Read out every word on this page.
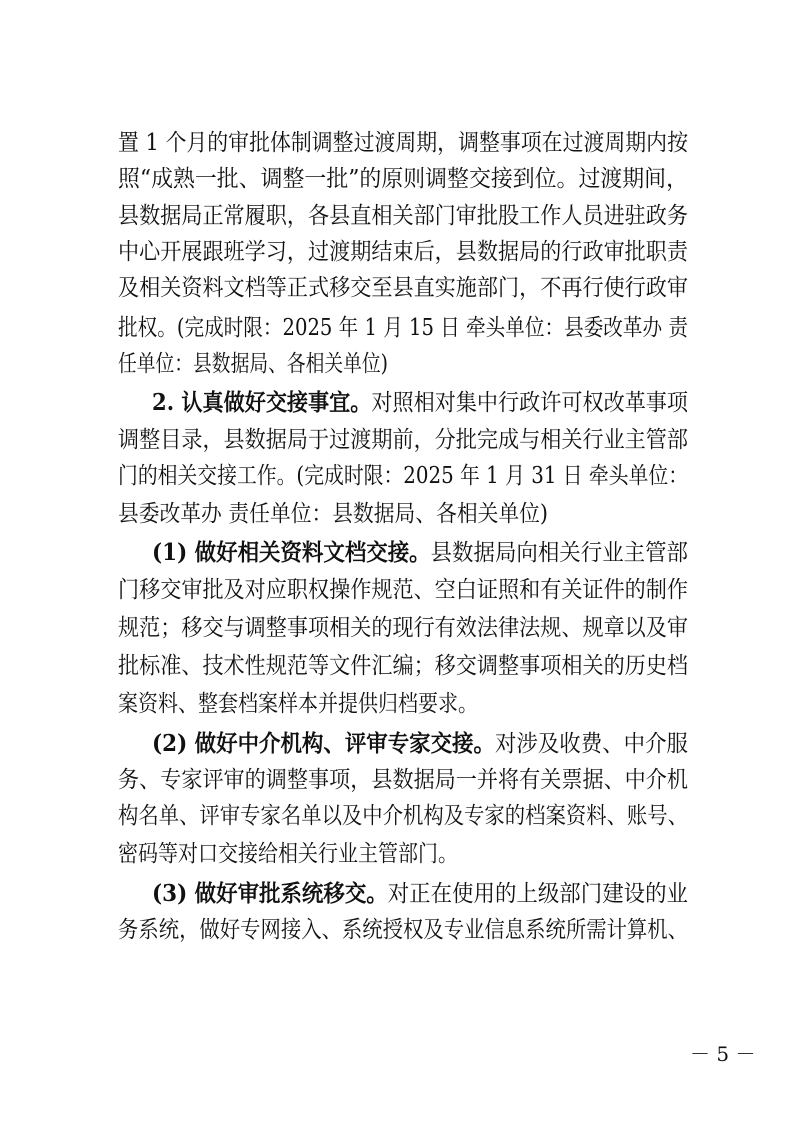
置 1 个月的审批体制调整过渡周期，调整事项在过渡周期内按
照“成熟一批、调整一批”的原则调整交接到位。过渡期间，
县数据局正常履职，各县直相关部门审批股工作人员进驻政务
中心开展跟班学习，过渡期结束后，县数据局的行政审批职责
及相关资料文档等正式移交至县直实施部门，不再行使行政审
批权。(完成时限：2025 年 1 月 15 日 牵头单位：县委改革办 责
任单位：县数据局、各相关单位)
2. 认真做好交接事宜。对照相对集中行政许可权改革事项
调整目录，县数据局于过渡期前，分批完成与相关行业主管部
门的相关交接工作。(完成时限：2025 年 1 月 31 日 牵头单位：
县委改革办 责任单位：县数据局、各相关单位)
(1) 做好相关资料文档交接。县数据局向相关行业主管部
门移交审批及对应职权操作规范、空白证照和有关证件的制作
规范；移交与调整事项相关的现行有效法律法规、规章以及审
批标准、技术性规范等文件汇编；移交调整事项相关的历史档
案资料、整套档案样本并提供归档要求。
(2) 做好中介机构、评审专家交接。对涉及收费、中介服
务、专家评审的调整事项，县数据局一并将有关票据、中介机
构名单、评审专家名单以及中介机构及专家的档案资料、账号、
密码等对口交接给相关行业主管部门。
(3) 做好审批系统移交。对正在使用的上级部门建设的业
务系统，做好专网接入、系统授权及专业信息系统所需计算机、
－ 5 －
